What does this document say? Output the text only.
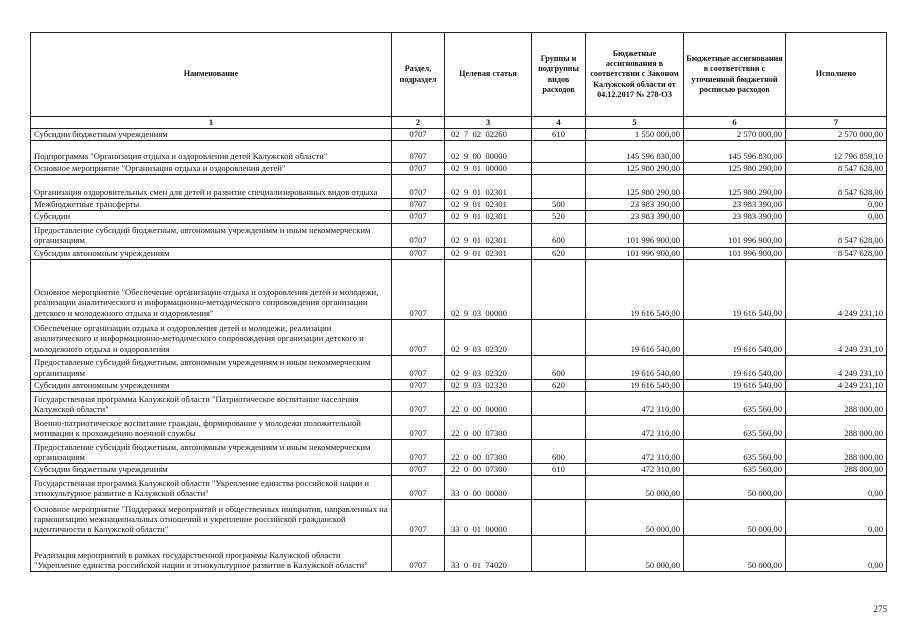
Наименование	Раздел, подраздел	Целевая статья	Группы и подгруппы видов расходов	Бюджетные ассигнования в соответствии с Законом Калужской области от 04.12.2017 № 278-ОЗ	Бюджетные ассигнования в соответствии с уточненной бюджетной росписью расходов	Исполнено
1	2	3	4	5	6	7
Субсидии бюджетным учреждениям	0707	02  7  02  02260	610	1 550 000,00	2 570 000,00	2 570 000,00
Подпрограмма "Организация отдыха и оздоровления детей Калужской области"	0707	02  9  00  00000		145 596 830,00	145 596 830,00	12 796 859,10
Основное мероприятие "Организация отдыха и оздоровления детей"	0707	02  9  01  00000		125 980 290,00	125 980 290,00	8 547 628,00
Организация оздоровительных смен для детей и развитие специализированных видов отдыха	0707	02  9  01  02301		125 980 290,00	125 980 290,00	8 547 628,00
Межбюджетные трансферты	0707	02  9  01  02301	500	23 983 390,00	23 983 390,00	0,00
Субсидии	0707	02  9  01  02301	520	23 983 390,00	23 983 390,00	0,00
Предоставление субсидий бюджетным, автономным учреждениям и иным некоммерческим организациям	0707	02  9  01  02301	600	101 996 900,00	101 996 900,00	8 547 628,00
Субсидии автономным учреждениям	0707	02  9  01  02301	620	101 996 900,00	101 996 900,00	8 547 628,00
Основное мероприятие "Обеспечение организации отдыха и оздоровления детей и молодежи, реализации аналитического и информационно-методического сопровождения организации детского и молодежного отдыха и оздоровления"	0707	02  9  03  00000		19 616 540,00	19 616 540,00	4 249 231,10
Обеспечение организации отдыха и оздоровления детей и молодежи, реализации аналитического и информационно-методического сопровождения организации детского и молодежного отдыха и оздоровления	0707	02  9  03  02320		19 616 540,00	19 616 540,00	4 249 231,10
Предоставление субсидий бюджетным, автономным учреждениям и иным некоммерческим организациям	0707	02  9  03  02320	600	19 616 540,00	19 616 540,00	4 249 231,10
Субсидии автономным учреждениям	0707	02  9  03  02320	620	19 616 540,00	19 616 540,00	4 249 231,10
Государственная программа Калужской области "Патриотическое воспитание населения Калужской области"	0707	22  0  00  00000		472 310,00	635 560,00	288 000,00
Военно-патриотическое воспитание граждан, формирование у молодежи положительной мотивации к прохождению военной службы	0707	22  0  00  07300		472 310,00	635 560,00	288 000,00
Предоставление субсидий бюджетным, автономным учреждениям и иным некоммерческим организациям	0707	22  0  00  07300	600	472 310,00	635 560,00	288 000,00
Субсидии бюджетным учреждениям	0707	22  0  00  07300	610	472 310,00	635 560,00	288 000,00
Государственная программа Калужской области "Укрепление единства российской нации и этнокультурное развитие в Калужской области"	0707	33  0  00  00000		50 000,00	50 000,00	0,00
Основное мероприятие "Поддержка мероприятий и общественных инициатив, направленных на гармонизацию межнациональных отношений и укрепление российской гражданской идентичности в Калужской области"	0707	33  0  01  00000		50 000,00	50 000,00	0,00
Реализация мероприятий в рамках государственной программы Калужской области "Укрепление единства российской нации и этнокультурное развитие в Калужской области"	0707	33  0  01  74020		50 000,00	50 000,00	0,00
275
